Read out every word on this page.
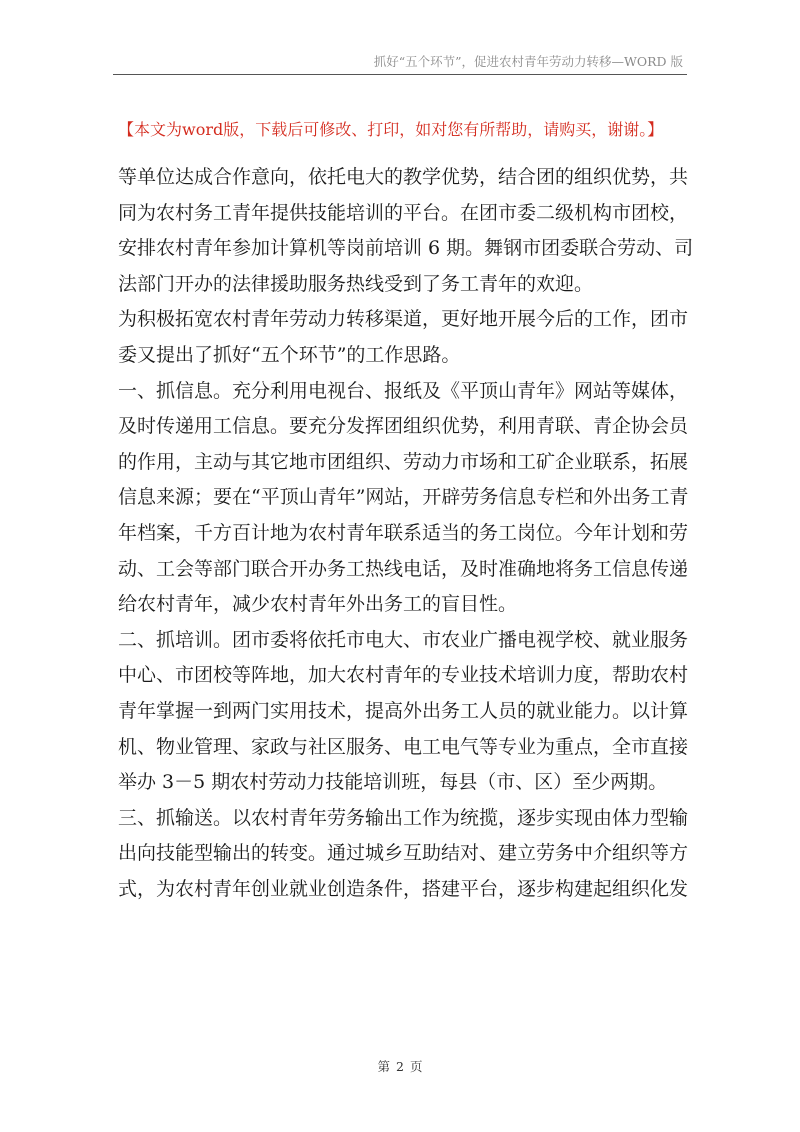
抓好“五个环节”，促进农村青年劳动力转移—WORD 版
【本文为word版，下载后可修改、打印，如对您有所帮助，请购买，谢谢。】
等单位达成合作意向，依托电大的教学优势，结合团的组织优势，共
同为农村务工青年提供技能培训的平台。在团市委二级机构市团校，
安排农村青年参加计算机等岗前培训 6 期。舞钢市团委联合劳动、司
法部门开办的法律援助服务热线受到了务工青年的欢迎。
为积极拓宽农村青年劳动力转移渠道，更好地开展今后的工作，团市
委又提出了抓好“五个环节”的工作思路。
一、抓信息。充分利用电视台、报纸及《平顶山青年》网站等媒体，
及时传递用工信息。要充分发挥团组织优势，利用青联、青企协会员
的作用，主动与其它地市团组织、劳动力市场和工矿企业联系，拓展
信息来源；要在“平顶山青年”网站，开辟劳务信息专栏和外出务工青
年档案，千方百计地为农村青年联系适当的务工岗位。今年计划和劳
动、工会等部门联合开办务工热线电话，及时准确地将务工信息传递
给农村青年，减少农村青年外出务工的盲目性。
二、抓培训。团市委将依托市电大、市农业广播电视学校、就业服务
中心、市团校等阵地，加大农村青年的专业技术培训力度，帮助农村
青年掌握一到两门实用技术，提高外出务工人员的就业能力。以计算
机、物业管理、家政与社区服务、电工电气等专业为重点，全市直接
举办 3－5 期农村劳动力技能培训班，每县（市、区）至少两期。
三、抓输送。以农村青年劳务输出工作为统揽，逐步实现由体力型输
出向技能型输出的转变。通过城乡互助结对、建立劳务中介组织等方
式，为农村青年创业就业创造条件，搭建平台，逐步构建起组织化发
第 2 页
